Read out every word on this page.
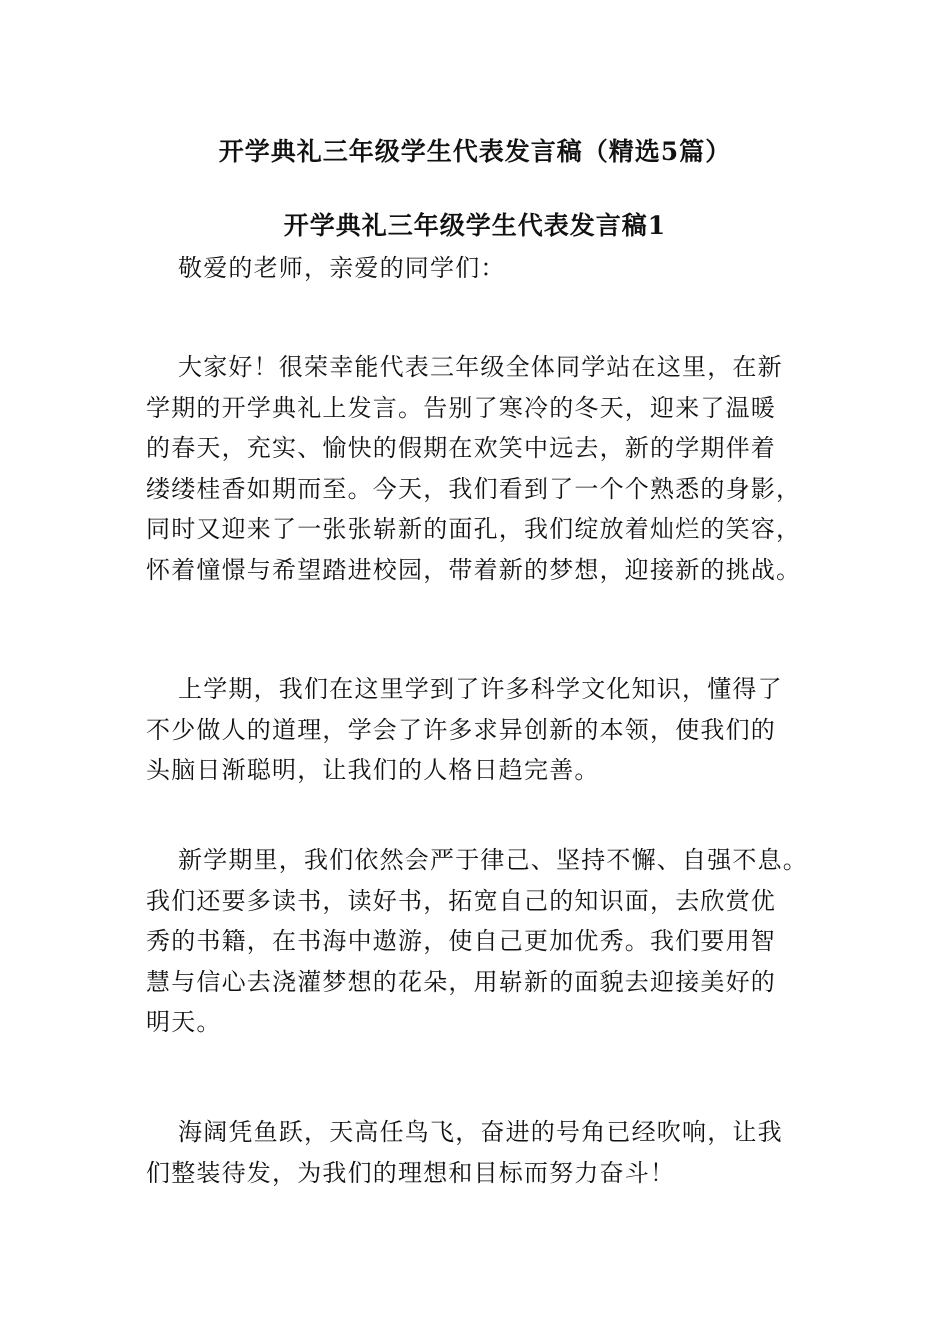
开学典礼三年级学生代表发言稿（精选5篇）
开学典礼三年级学生代表发言稿1

敬爱的老师，亲爱的同学们：

大家好！很荣幸能代表三年级全体同学站在这里，在新
学期的开学典礼上发言。告别了寒冷的冬天，迎来了温暖
的春天，充实、愉快的假期在欢笑中远去，新的学期伴着
缕缕桂香如期而至。今天，我们看到了一个个熟悉的身影，
同时又迎来了一张张崭新的面孔，我们绽放着灿烂的笑容，
怀着憧憬与希望踏进校园，带着新的梦想，迎接新的挑战。

上学期，我们在这里学到了许多科学文化知识，懂得了
不少做人的道理，学会了许多求异创新的本领，使我们的
头脑日渐聪明，让我们的人格日趋完善。

新学期里，我们依然会严于律己、坚持不懈、自强不息。
我们还要多读书，读好书，拓宽自己的知识面，去欣赏优
秀的书籍，在书海中遨游，使自己更加优秀。我们要用智
慧与信心去浇灌梦想的花朵，用崭新的面貌去迎接美好的
明天。

海阔凭鱼跃，天高任鸟飞，奋进的号角已经吹响，让我
们整装待发，为我们的理想和目标而努力奋斗！
